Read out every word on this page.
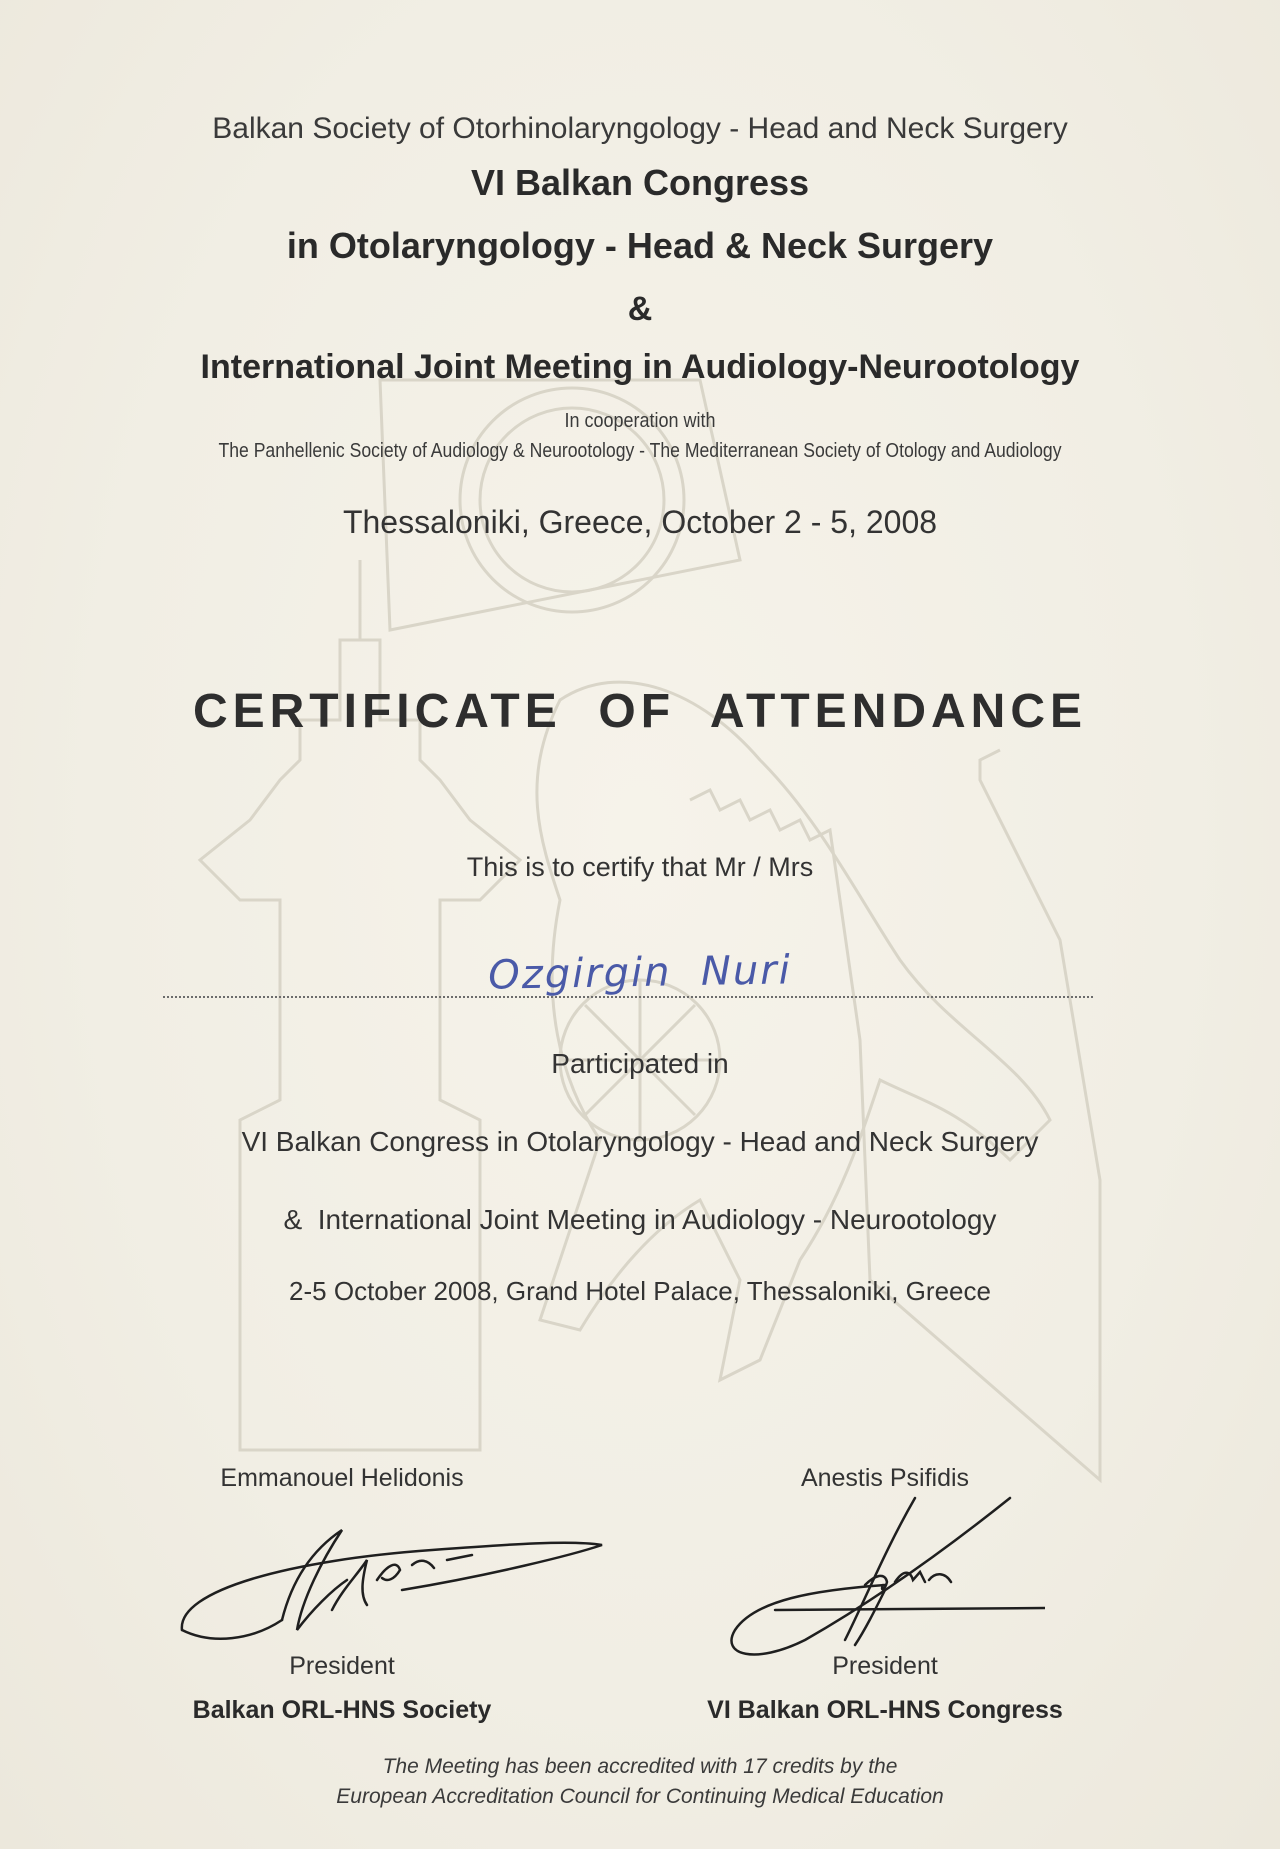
Balkan Society of Otorhinolaryngology - Head and Neck Surgery
VI Balkan Congress
in Otolaryngology - Head & Neck Surgery
&
International Joint Meeting in Audiology-Neurootology
In cooperation with
The Panhellenic Society of Audiology & Neurootology - The Mediterranean Society of Otology and Audiology
Thessaloniki, Greece, October 2 - 5, 2008
CERTIFICATE  OF  ATTENDANCE
This is to certify that Mr / Mrs
Ozgirgin  Nuri
Participated in
VI Balkan Congress in Otolaryngology - Head and Neck Surgery
&  International Joint Meeting in Audiology - Neurootology
2-5 October 2008, Grand Hotel Palace, Thessaloniki, Greece
Emmanouel Helidonis
President
Balkan ORL-HNS Society
Anestis Psifidis
President
VI Balkan ORL-HNS Congress
The Meeting has been accredited with 17 credits by the
European Accreditation Council for Continuing Medical Education
